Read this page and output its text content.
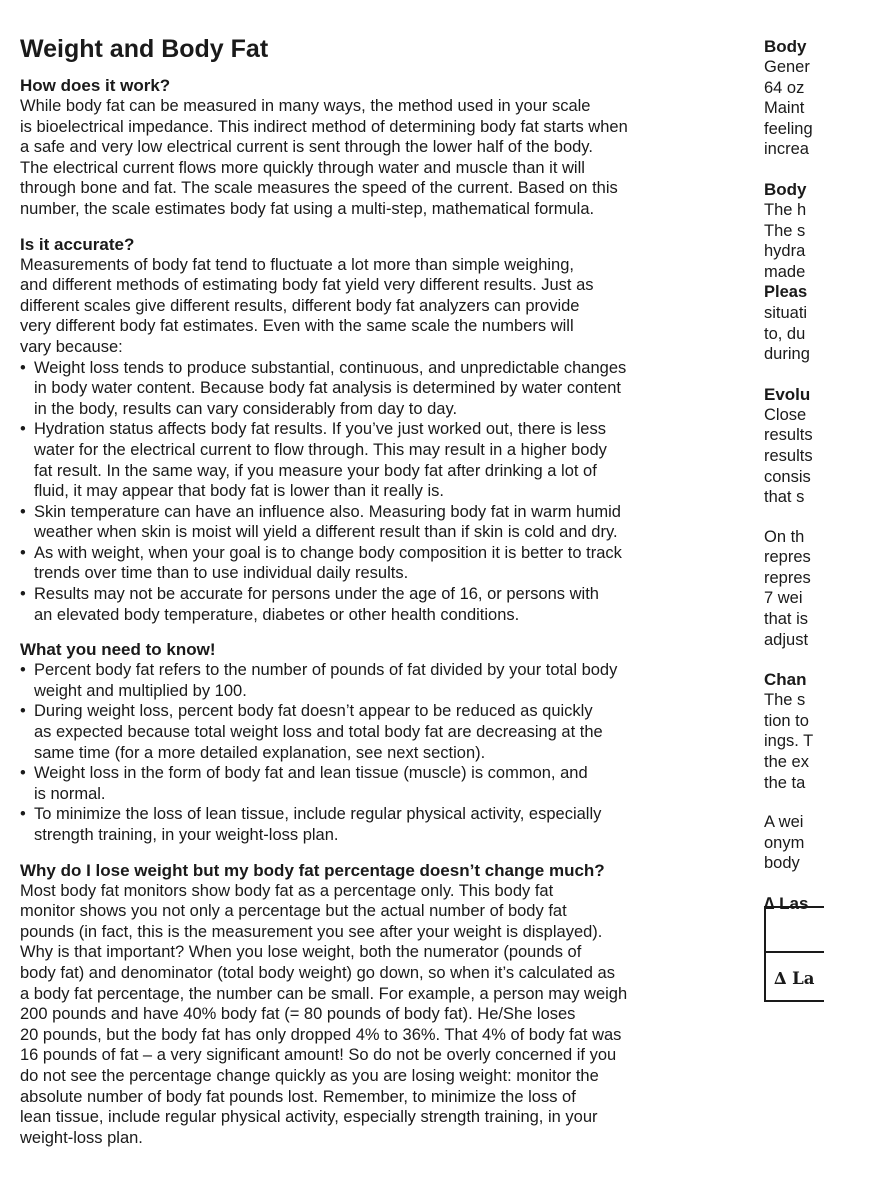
Weight and Body Fat
How does it work?

While body fat can be measured in many ways, the method used in your scale
is bioelectrical impedance. This indirect method of determining body fat starts when
a safe and very low electrical current is sent through the lower half of the body.
The electrical current flows more quickly through water and muscle than it will
through bone and fat. The scale measures the speed of the current. Based on this
number, the scale estimates body fat using a multi-step, mathematical formula.

Is it accurate?

Measurements of body fat tend to fluctuate a lot more than simple weighing,
and different methods of estimating body fat yield very different results. Just as
different scales give different results, different body fat analyzers can provide
very different body fat estimates. Even with the same scale the numbers will
vary because:

• Weight loss tends to produce substantial, continuous, and unpredictable changes
in body water content. Because body fat analysis is determined by water content
in the body, results can vary considerably from day to day.
• Hydration status affects body fat results. If you’ve just worked out, there is less
water for the electrical current to flow through. This may result in a higher body
fat result. In the same way, if you measure your body fat after drinking a lot of
fluid, it may appear that body fat is lower than it really is.
• Skin temperature can have an influence also. Measuring body fat in warm humid
weather when skin is moist will yield a different result than if skin is cold and dry.
• As with weight, when your goal is to change body composition it is better to track
trends over time than to use individual daily results.
• Results may not be accurate for persons under the age of 16, or persons with
an elevated body temperature, diabetes or other health conditions.
What you need to know!
• Percent body fat refers to the number of pounds of fat divided by your total body
weight and multiplied by 100.
• During weight loss, percent body fat doesn’t appear to be reduced as quickly
as expected because total weight loss and total body fat are decreasing at the
same time (for a more detailed explanation, see next section).
• Weight loss in the form of body fat and lean tissue (muscle) is common, and
is normal.
• To minimize the loss of lean tissue, include regular physical activity, especially
strength training, in your weight-loss plan.
Why do I lose weight but my body fat percentage doesn’t change much?

Most body fat monitors show body fat as a percentage only. This body fat
monitor shows you not only a percentage but the actual number of body fat
pounds (in fact, this is the measurement you see after your weight is displayed).
Why is that important? When you lose weight, both the numerator (pounds of
body fat) and denominator (total body weight) go down, so when it’s calculated as
a body fat percentage, the number can be small. For example, a person may weigh
200 pounds and have 40% body fat (= 80 pounds of body fat). He/She loses
20 pounds, but the body fat has only dropped 4% to 36%. That 4% of body fat was
16 pounds of fat – a very significant amount! So do not be overly concerned if you
do not see the percentage change quickly as you are losing weight: monitor the
absolute number of body fat pounds lost. Remember, to minimize the loss of
lean tissue, include regular physical activity, especially strength training, in your
weight-loss plan.

Body
Gener
64 oz
Maint
feeling
increa
Body
The h
The s
hydra
made
Pleas
situati
to, du
during
Evolu
Close
results
results
consis
that s
On th
repres
repres
7 wei
that is
adjust
Chan
The s
tion to
ings. T
the ex
the ta
A wei
onym
body
∆ Las
∆ La
